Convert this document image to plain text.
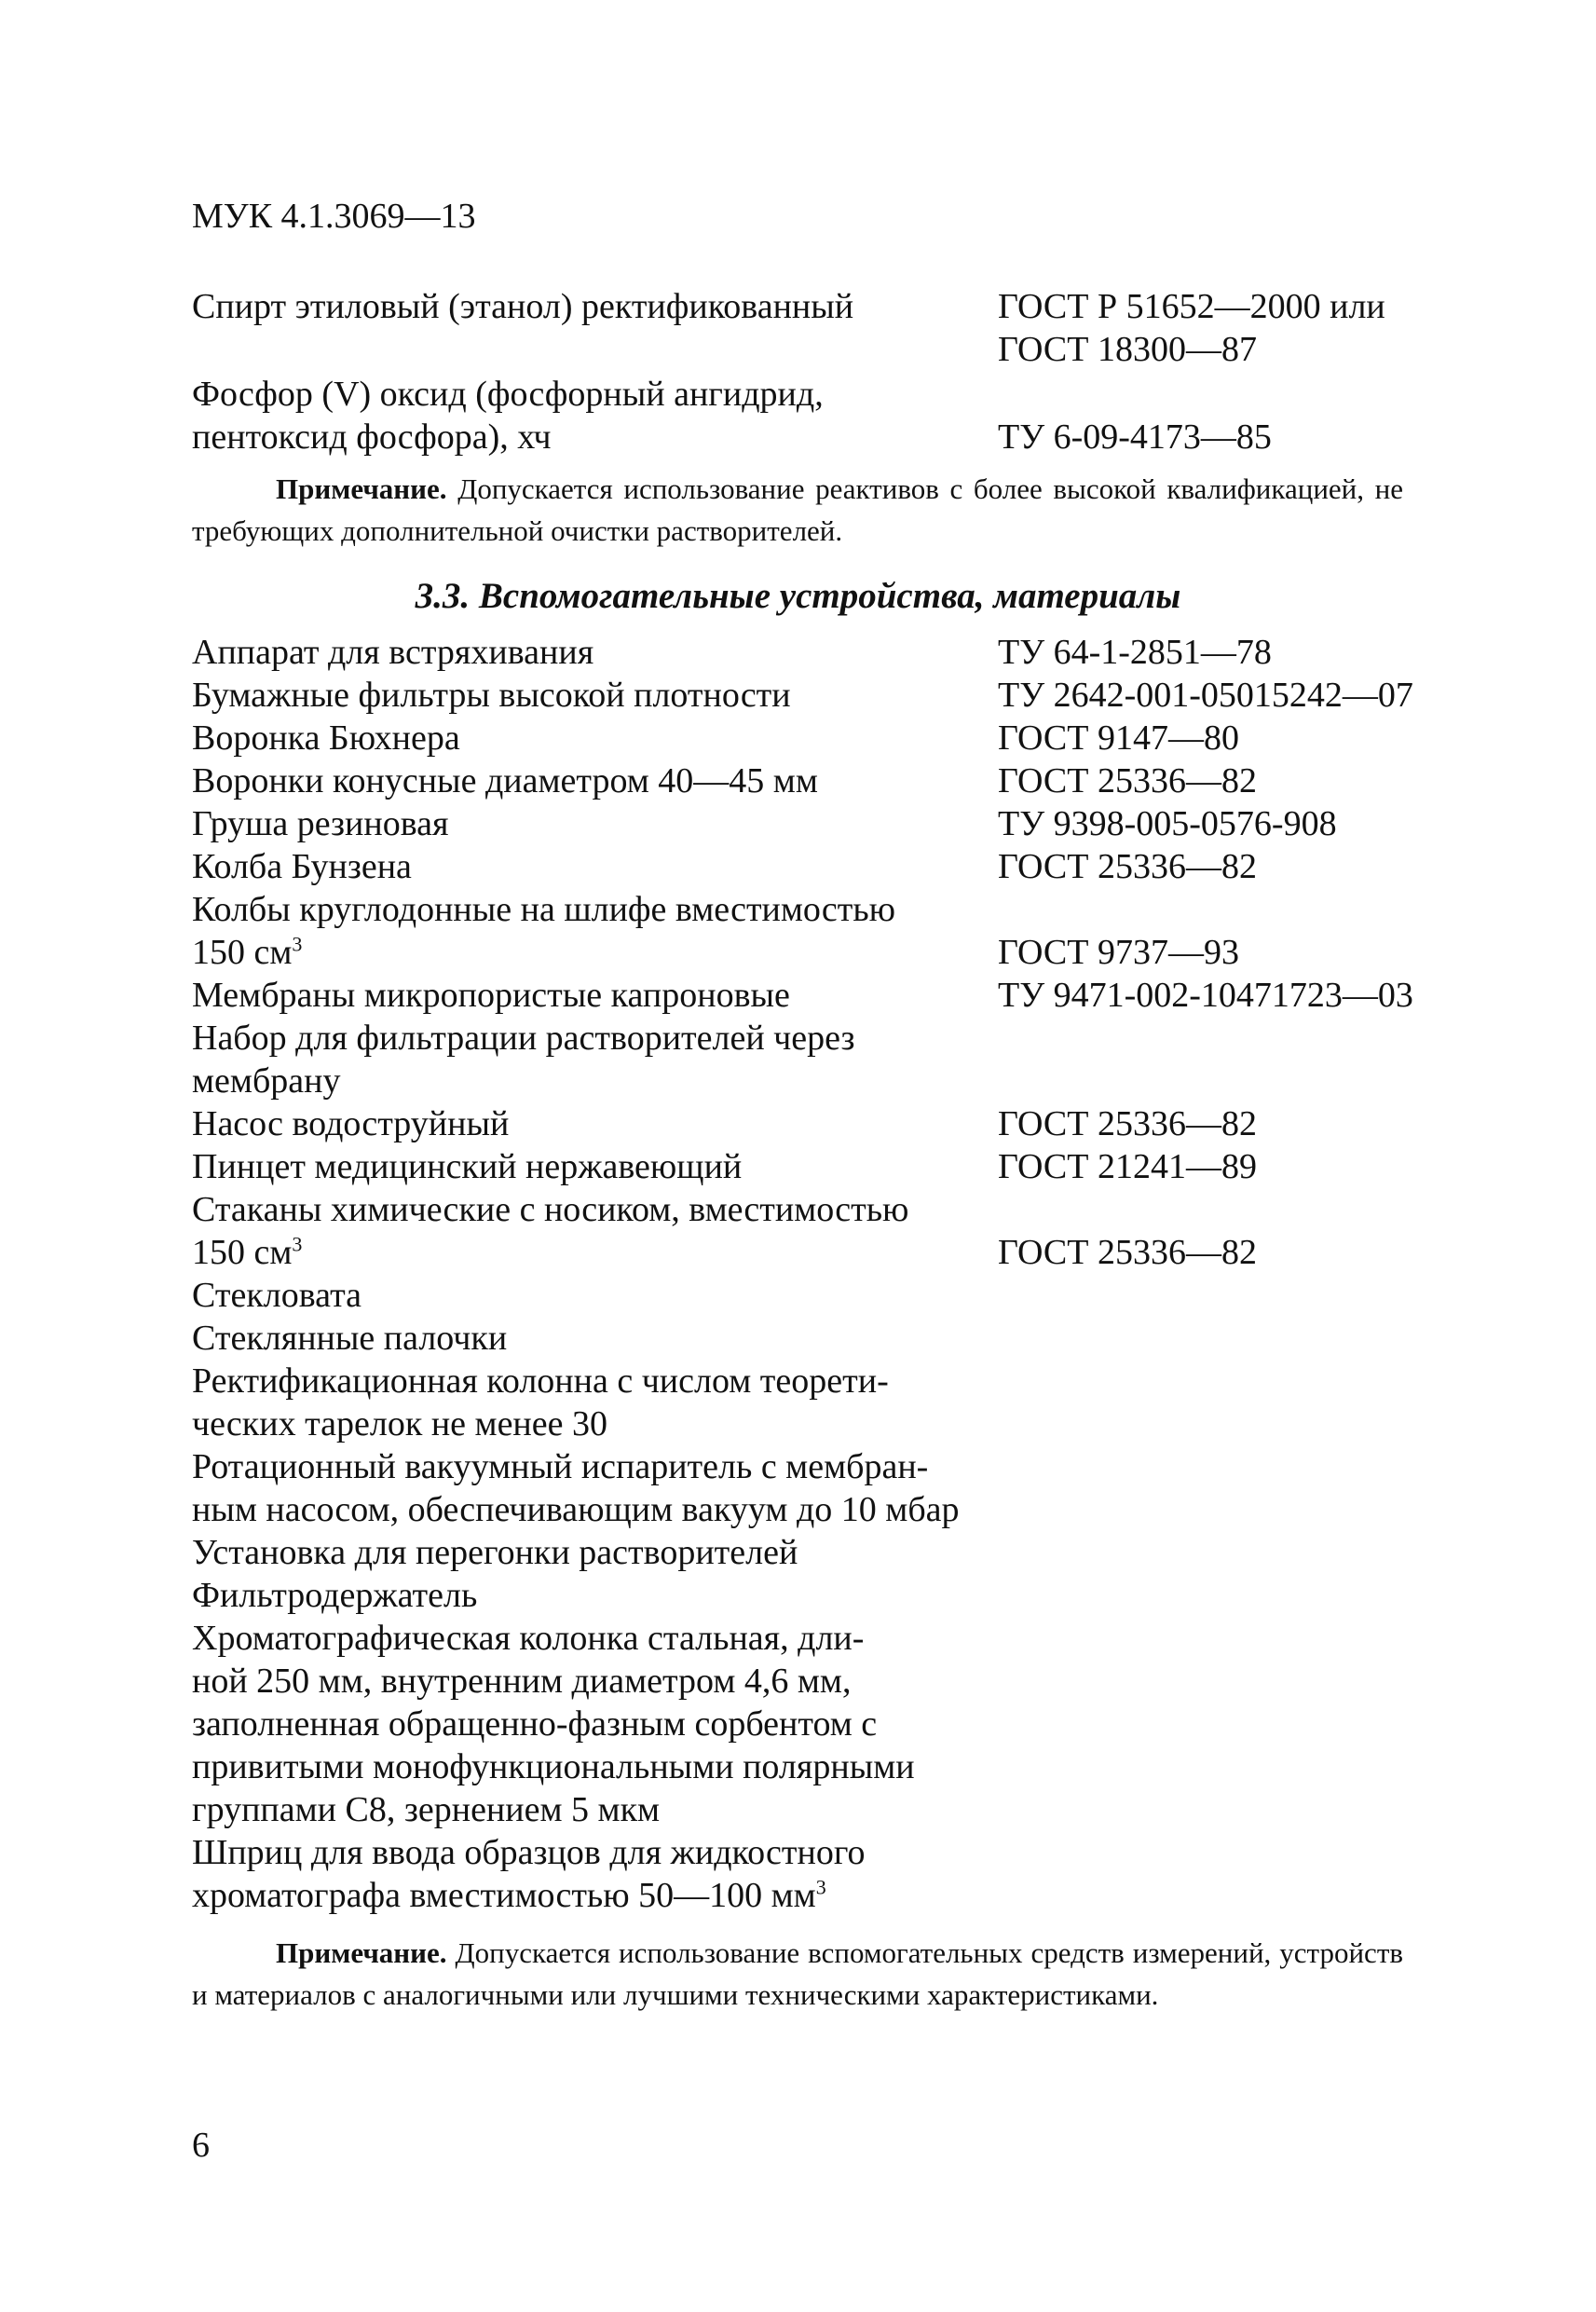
МУК 4.1.3069—13
Спирт этиловый (этанол) ректификованный	ГОСТ Р 51652—2000 или
ГОСТ 18300—87
Фосфор (V) оксид (фосфорный ангидрид,
пентоксид фосфора), хч	ТУ 6-09-4173—85
Примечание. Допускается использование реактивов с более высокой квалификацией, не требующих дополнительной очистки растворителей.
3.3. Вспомогательные устройства, материалы
Аппарат для встряхивания	ТУ 64-1-2851—78
Бумажные фильтры высокой плотности	ТУ 2642-001-05015242—07
Воронка Бюхнера	ГОСТ 9147—80
Воронки конусные диаметром 40—45 мм	ГОСТ 25336—82
Груша резиновая	ТУ 9398-005-0576-908
Колба Бунзена	ГОСТ 25336—82
Колбы круглодонные на шлифе вместимостью
150 $см^3$	ГОСТ 9737—93
Мембраны микропористые капроновые	ТУ 9471-002-10471723—03
Набор для фильтрации растворителей через
мембрану
Насос водоструйный	ГОСТ 25336—82
Пинцет медицинский нержавеющий	ГОСТ 21241—89
Стаканы химические с носиком, вместимостью
150 $см^3$	ГОСТ 25336—82
Стекловата
Стеклянные палочки
Ректификационная колонна с числом теорети-
ческих тарелок не менее 30
Ротационный вакуумный испаритель с мембран-
ным насосом, обеспечивающим вакуум до 10 мбар
Установка для перегонки растворителей
Фильтродержатель
Хроматографическая колонка стальная, дли-
ной 250 мм, внутренним диаметром 4,6 мм,
заполненная обращенно-фазным сорбентом с
привитыми монофункциональными полярными
группами С8, зернением 5 мкм
Шприц для ввода образцов для жидкостного
хроматографа вместимостью 50—100 $мм^3$
Примечание. Допускается использование вспомогательных средств измерений, устройств и материалов с аналогичными или лучшими техническими характеристиками.
6
